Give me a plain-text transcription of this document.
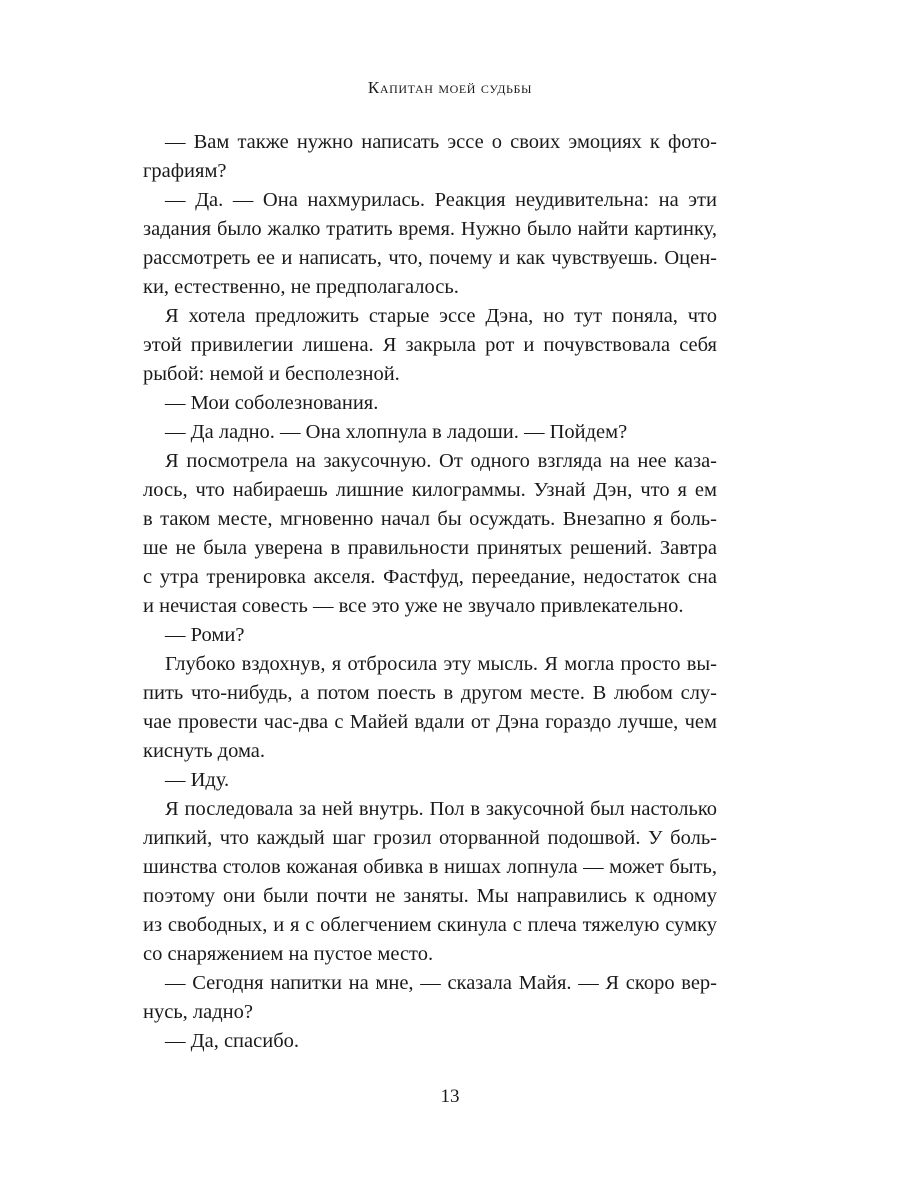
Капитан моей судьбы
— Вам также нужно написать эссе о своих эмоциях к фото-
графиям?
— Да. — Она нахмурилась. Реакция неудивительна: на эти
задания было жалко тратить время. Нужно было найти картинку,
рассмотреть ее и написать, что, почему и как чувствуешь. Оцен-
ки, естественно, не предполагалось.
Я хотела предложить старые эссе Дэна, но тут поняла, что
этой привилегии лишена. Я закрыла рот и почувствовала себя
рыбой: немой и бесполезной.
— Мои соболезнования.
— Да ладно. — Она хлопнула в ладоши. — Пойдем?
Я посмотрела на закусочную. От одного взгляда на нее каза-
лось, что набираешь лишние килограммы. Узнай Дэн, что я ем
в таком месте, мгновенно начал бы осуждать. Внезапно я боль-
ше не была уверена в правильности принятых решений. Завтра
с утра тренировка акселя. Фастфуд, переедание, недостаток сна
и нечистая совесть — все это уже не звучало привлекательно.
— Роми?
Глубоко вздохнув, я отбросила эту мысль. Я могла просто вы-
пить что-нибудь, а потом поесть в другом месте. В любом слу-
чае провести час-два с Майей вдали от Дэна гораздо лучше, чем
киснуть дома.
— Иду.
Я последовала за ней внутрь. Пол в закусочной был настолько
липкий, что каждый шаг грозил оторванной подошвой. У боль-
шинства столов кожаная обивка в нишах лопнула — может быть,
поэтому они были почти не заняты. Мы направились к одному
из свободных, и я с облегчением скинула с плеча тяжелую сумку
со снаряжением на пустое место.
— Сегодня напитки на мне, — сказала Майя. — Я скоро вер-
нусь, ладно?
— Да, спасибо.
13
